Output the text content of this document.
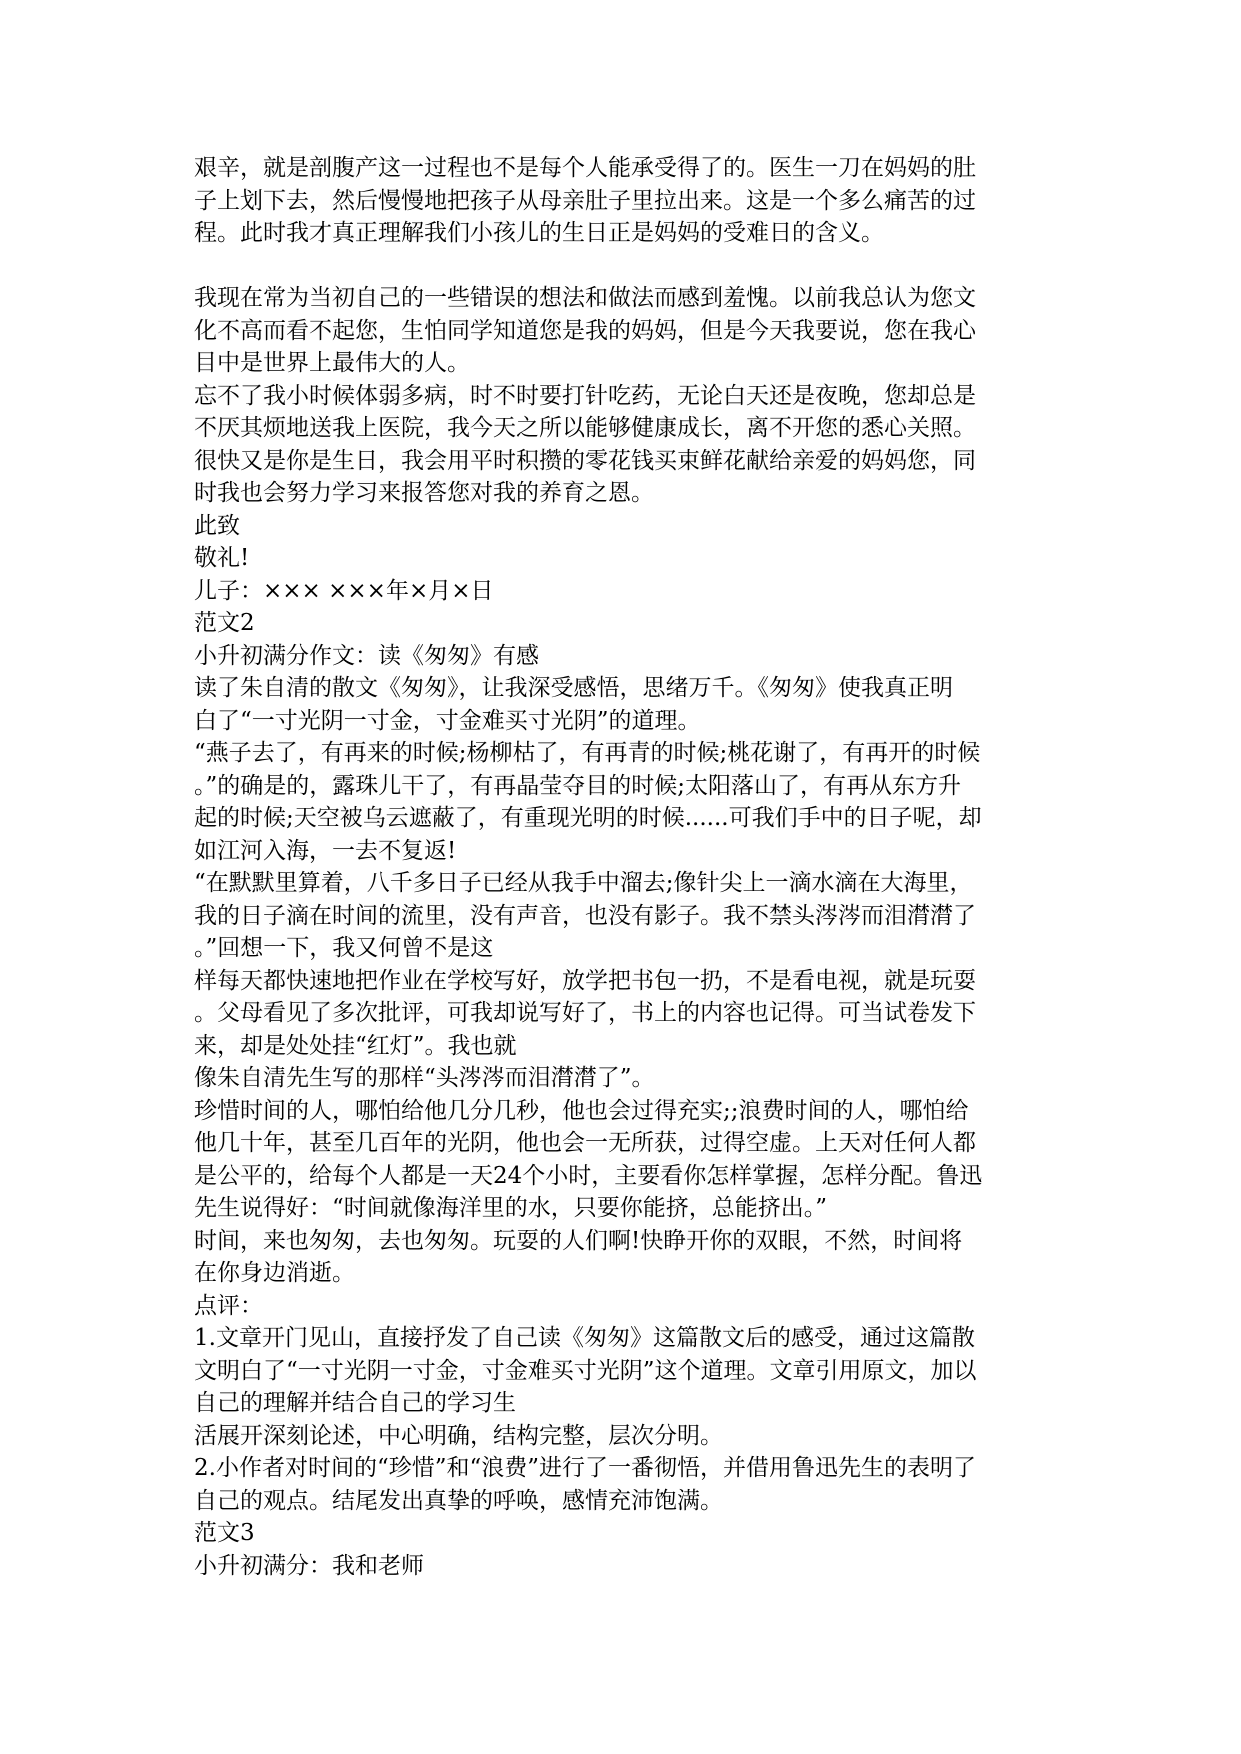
艰辛，就是剖腹产这一过程也不是每个人能承受得了的。医生一刀在妈妈的肚
子上划下去，然后慢慢地把孩子从母亲肚子里拉出来。这是一个多么痛苦的过
程。此时我才真正理解我们小孩儿的生日正是妈妈的受难日的含义。
我现在常为当初自己的一些错误的想法和做法而感到羞愧。以前我总认为您文
化不高而看不起您，生怕同学知道您是我的妈妈，但是今天我要说，您在我心
目中是世界上最伟大的人。
忘不了我小时候体弱多病，时不时要打针吃药，无论白天还是夜晚，您却总是
不厌其烦地送我上医院，我今天之所以能够健康成长，离不开您的悉心关照。
很快又是你是生日，我会用平时积攒的零花钱买束鲜花献给亲爱的妈妈您，同
时我也会努力学习来报答您对我的养育之恩。
此致
敬礼!
儿子：××× ×××年×月×日
范文2
小升初满分作文：读《匆匆》有感
读了朱自清的散文《匆匆》，让我深受感悟，思绪万千。《匆匆》使我真正明
白了“一寸光阴一寸金，寸金难买寸光阴”的道理。
“燕子去了，有再来的时候;杨柳枯了，有再青的时候;桃花谢了，有再开的时候
。”的确是的，露珠儿干了，有再晶莹夺目的时候;太阳落山了，有再从东方升
起的时候;天空被乌云遮蔽了，有重现光明的时候......可我们手中的日子呢，却
如江河入海，一去不复返!
“在默默里算着，八千多日子已经从我手中溜去;像针尖上一滴水滴在大海里，
我的日子滴在时间的流里，没有声音，也没有影子。我不禁头涔涔而泪潸潸了
。”回想一下，我又何曾不是这
样每天都快速地把作业在学校写好，放学把书包一扔，不是看电视，就是玩耍
。父母看见了多次批评，可我却说写好了，书上的内容也记得。可当试卷发下
来，却是处处挂“红灯”。我也就
像朱自清先生写的那样“头涔涔而泪潸潸了”。
珍惜时间的人，哪怕给他几分几秒，他也会过得充实;;浪费时间的人，哪怕给
他几十年，甚至几百年的光阴，他也会一无所获，过得空虚。上天对任何人都
是公平的，给每个人都是一天24个小时，主要看你怎样掌握，怎样分配。鲁迅
先生说得好：“时间就像海洋里的水，只要你能挤，总能挤出。”
时间，来也匆匆，去也匆匆。玩耍的人们啊!快睁开你的双眼，不然，时间将
在你身边消逝。
点评：
1.文章开门见山，直接抒发了自己读《匆匆》这篇散文后的感受，通过这篇散
文明白了“一寸光阴一寸金，寸金难买寸光阴”这个道理。文章引用原文，加以
自己的理解并结合自己的学习生
活展开深刻论述，中心明确，结构完整，层次分明。
2.小作者对时间的“珍惜”和“浪费”进行了一番彻悟，并借用鲁迅先生的表明了
自己的观点。结尾发出真挚的呼唤，感情充沛饱满。
范文3
小升初满分：我和老师
